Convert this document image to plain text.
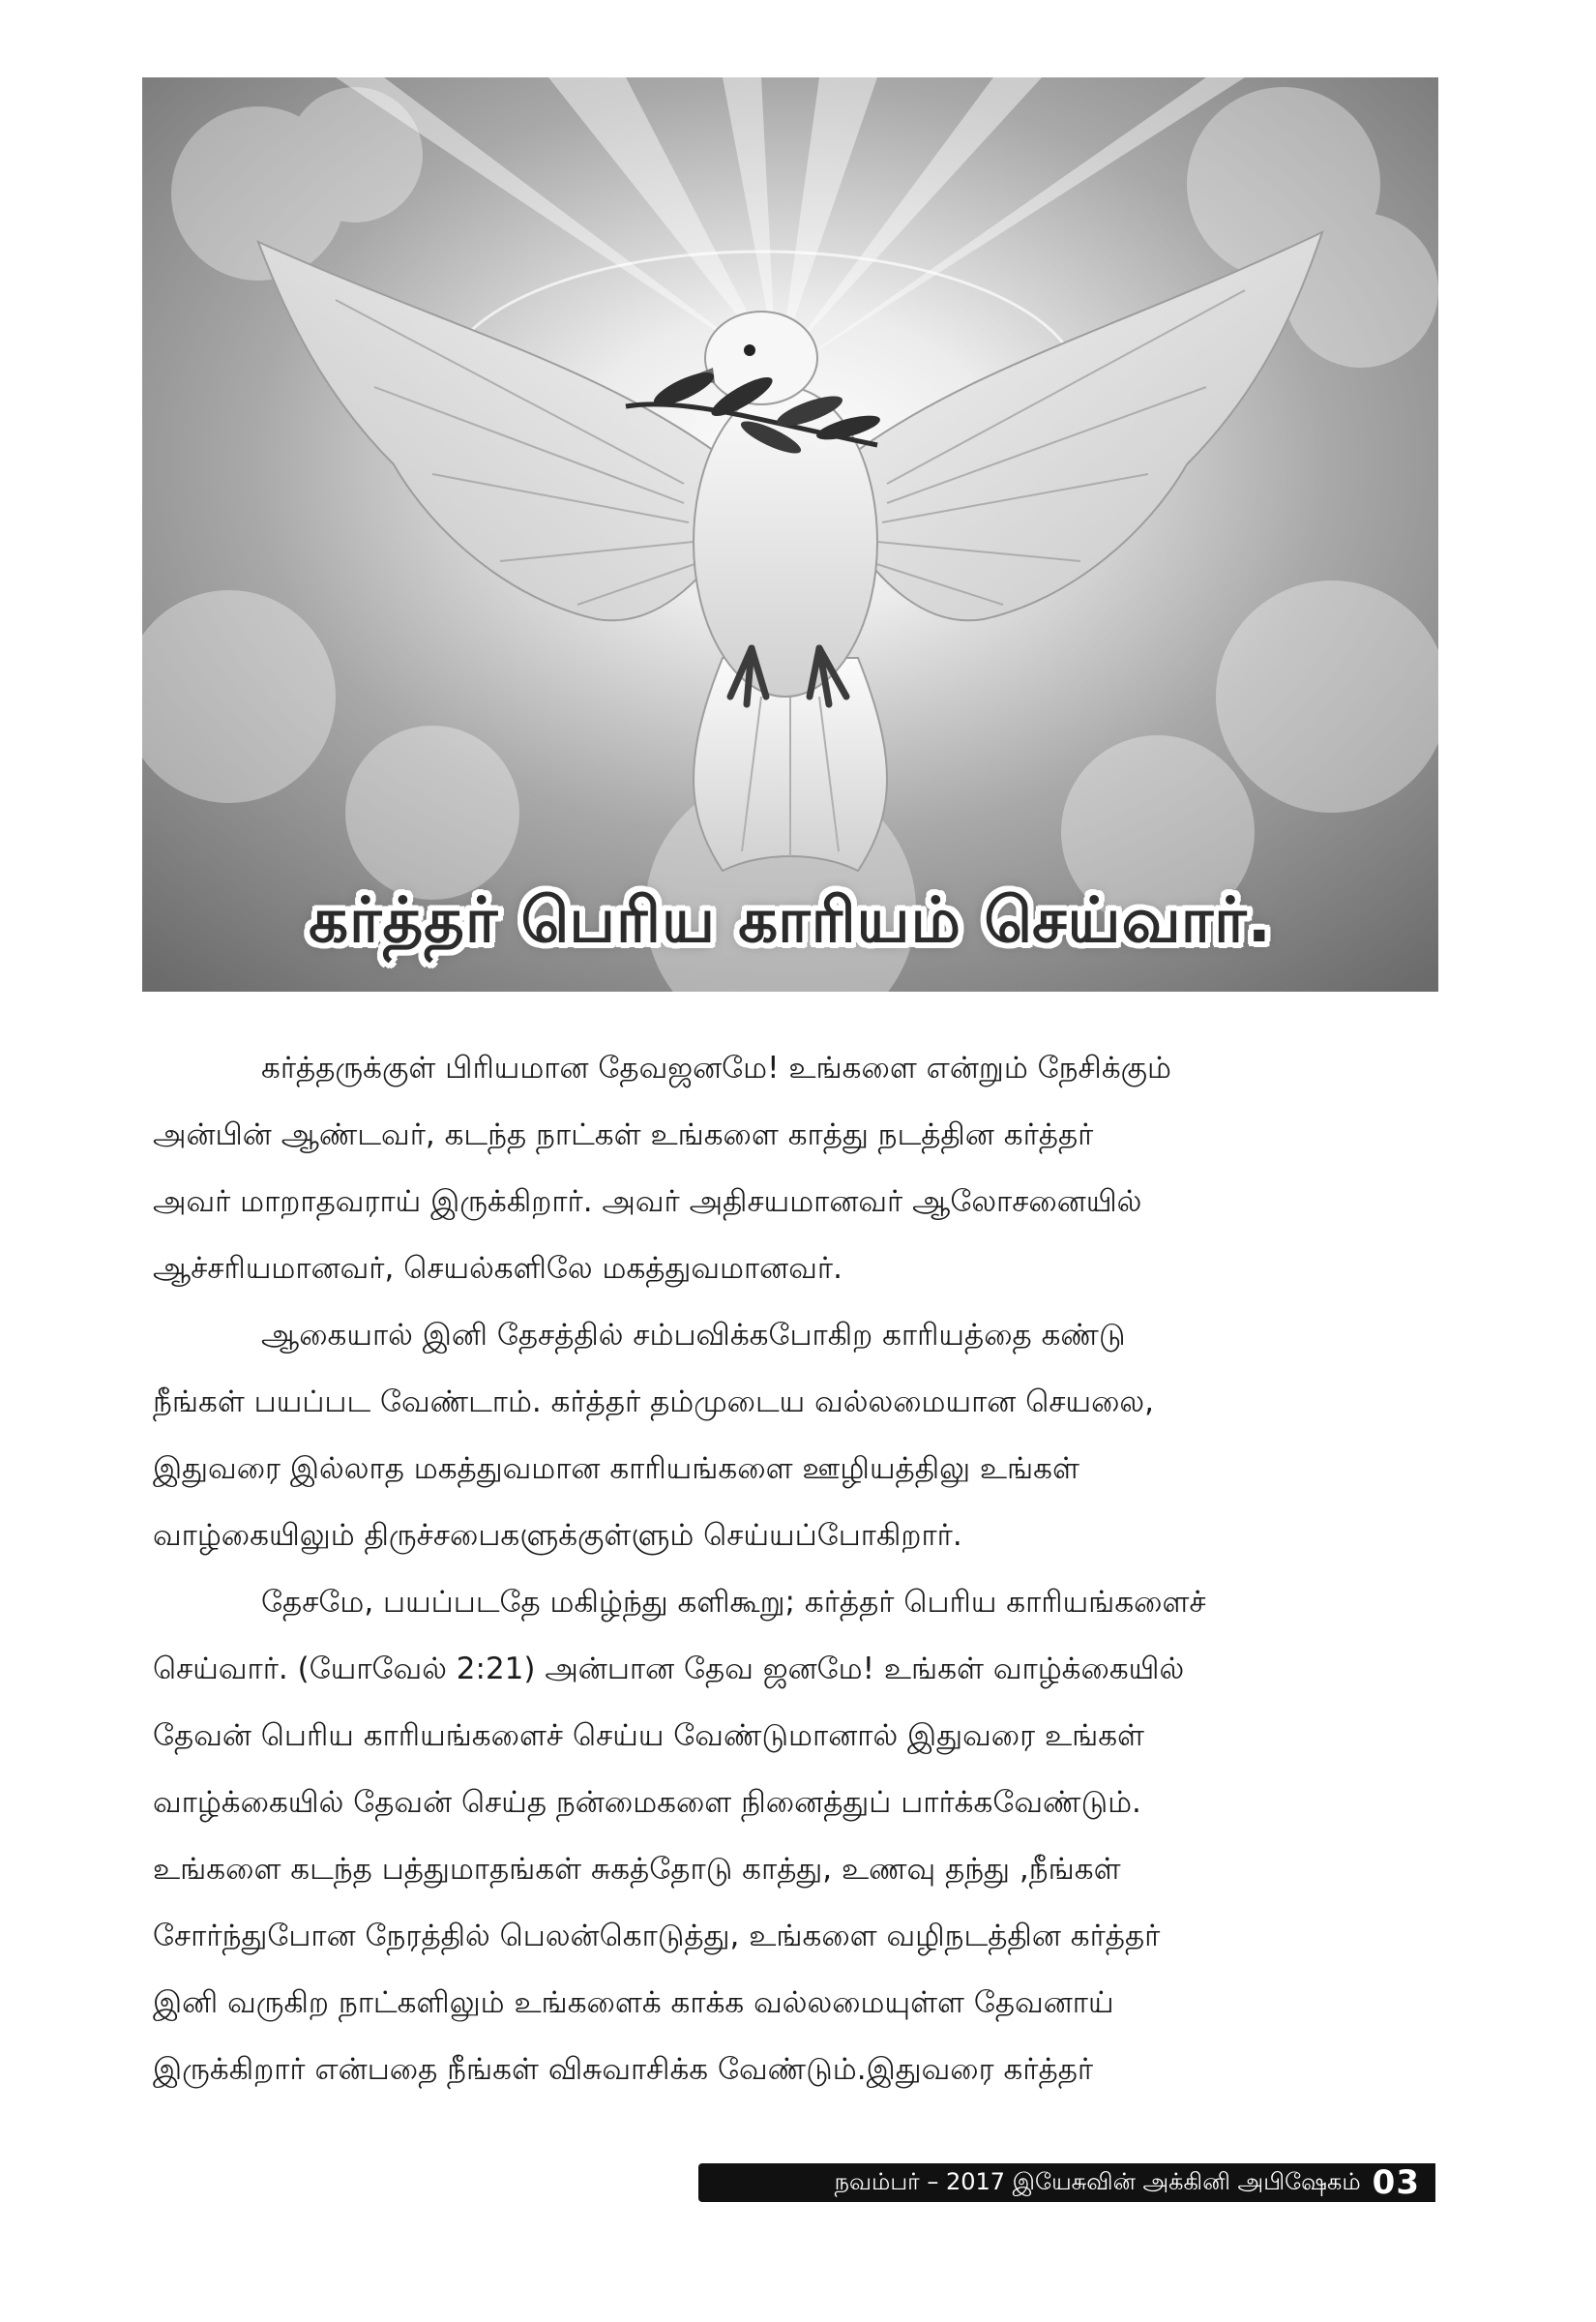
கர்த்தர் பெரிய காரியம் செய்வார்.

கர்த்தருக்குள் பிரியமான தேவஜனமே! உங்களை என்றும் நேசிக்கும்
அன்பின் ஆண்டவர், கடந்த நாட்கள் உங்களை காத்து நடத்தின கர்த்தர்
அவர் மாறாதவராய் இருக்கிறார். அவர் அதிசயமானவர் ஆலோசனையில்
ஆச்சரியமானவர், செயல்களிலே மகத்துவமானவர்.

ஆகையால் இனி தேசத்தில் சம்பவிக்கபோகிற காரியத்தை கண்டு
நீங்கள் பயப்பட வேண்டாம். கர்த்தர் தம்முடைய வல்லமையான செயலை,
இதுவரை இல்லாத மகத்துவமான காரியங்களை ஊழியத்திலு உங்கள்
வாழ்கையிலும் திருச்சபைகளுக்குள்ளும் செய்யப்போகிறார்.

தேசமே, பயப்படதே மகிழ்ந்து களிகூறு; கர்த்தர் பெரிய காரியங்களைச்
செய்வார். (யோவேல் 2:21) அன்பான தேவ ஜனமே! உங்கள் வாழ்க்கையில்
தேவன் பெரிய காரியங்களைச் செய்ய வேண்டுமானால் இதுவரை உங்கள்
வாழ்க்கையில் தேவன் செய்த நன்மைகளை நினைத்துப் பார்க்கவேண்டும்.
உங்களை கடந்த பத்துமாதங்கள் சுகத்தோடு காத்து, உணவு தந்து ,நீங்கள்
சோர்ந்துபோன நேரத்தில் பெலன்கொடுத்து, உங்களை வழிநடத்தின கர்த்தர்
இனி வருகிற நாட்களிலும் உங்களைக் காக்க வல்லமையுள்ள தேவனாய்
இருக்கிறார் என்பதை நீங்கள் விசுவாசிக்க வேண்டும்.இதுவரை கர்த்தர்

நவம்பர் – 2017 இயேசுவின் அக்கினி அபிஷேகம் 03
